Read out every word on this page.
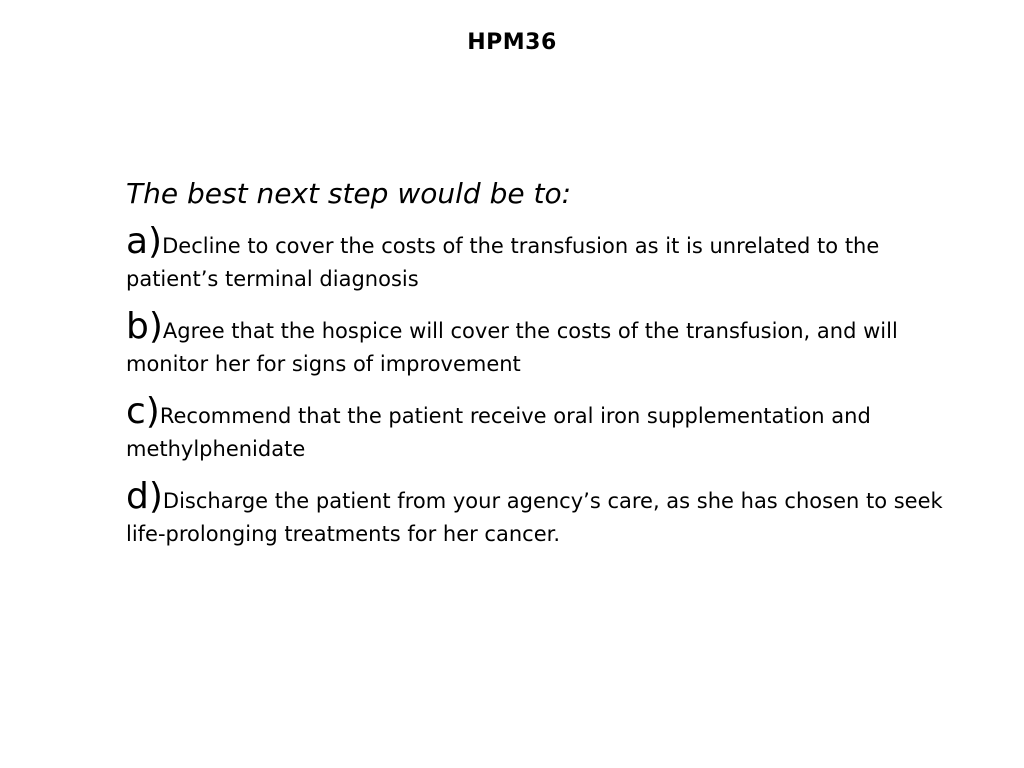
HPM36
The best next step would be to:
a)Decline to cover the costs of the transfusion as it is unrelated to the patient’s terminal diagnosis
b)Agree that the hospice will cover the costs of the transfusion, and will monitor her for signs of improvement
c)Recommend that the patient receive oral iron supplementation and methylphenidate
d)Discharge the patient from your agency’s care, as she has chosen to seek life-prolonging treatments for her cancer.
